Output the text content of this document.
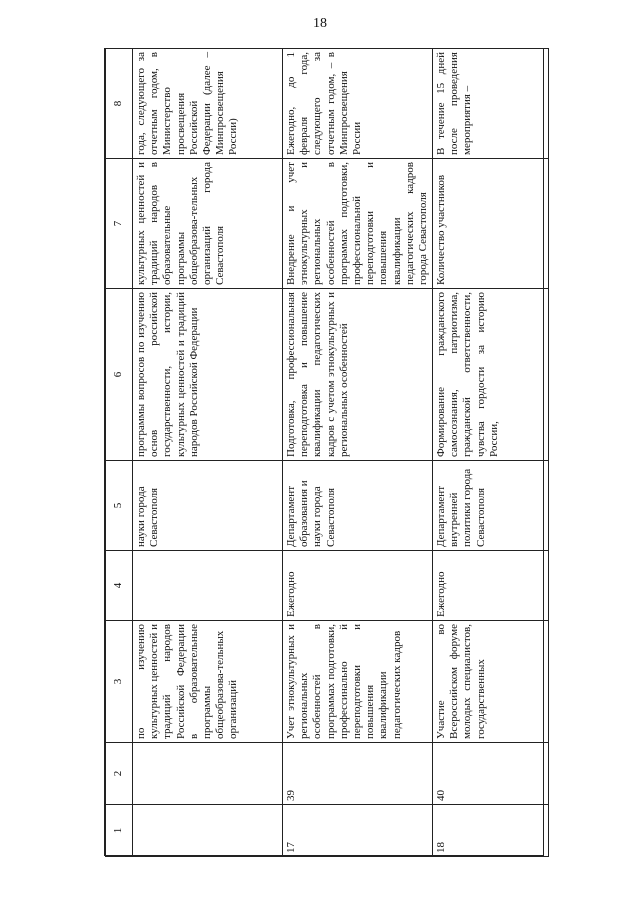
18
1	2	3	4	5	6	7	8
		по изучению культурных ценностей и традиций народов Российской Федерации в образовательные программы общеобразова-тельных организаций		науки города Севастополя	программы вопросов по изучению основ российской государственности, истории, культурных ценностей и традиций народов Российской Федерации	культурных ценностей и традиций народов в образовательные программы общеобразова-тельных организаций города Севастополя	года, следующего за отчетным годом, в Министерство просвещения Российской Федерации (далее – Минпросвещения России)
17	39	Учет этнокультурных и региональных особенностей в программах подготовки, профессинально й переподготовки и повышения квалификации педагогических кадров	Ежегодно	Департамент образования и науки города Севастополя	Подготовка, профессиональная переподготовка и повышение квалификации педагогических кадров с учетом этнокультурных и региональных особенностей	Внедрение и учет этнокультурных и региональных особенностей в программах подготовки, профессиональной переподготовки и повышения квалификации педагогических кадров города Севастополя	Ежегодно, до 1 февраля года, следующего за отчетным годом, – в Минпросвещения России
18	40	Участие во Всероссийском форуме молодых специалистов, государственных	Ежегодно	Департамент внутренней политики города Севастополя	Формирование гражданского самосознания, патриотизма, гражданской ответственности, чувства гордости за историю России,	Количество участников	В течение 15 дней после проведения мероприятия –
